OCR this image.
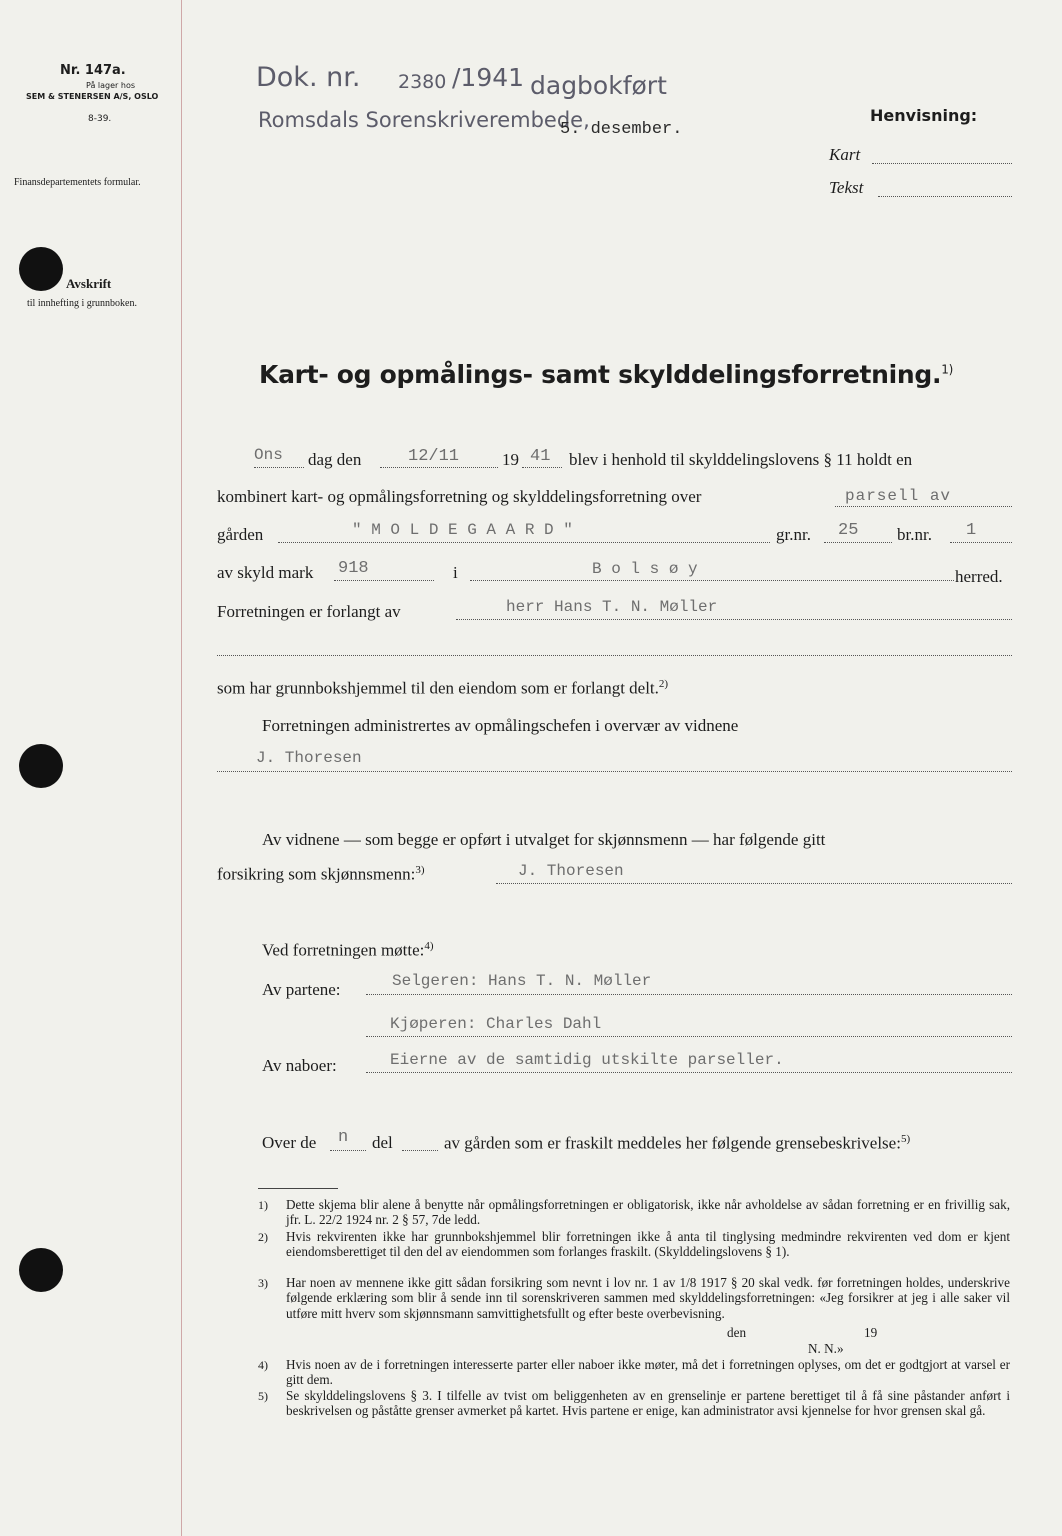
Nr. 147a.
På lager hos
SEM & STENERSEN A/S, OSLO
8-39.
Finansdepartementets formular.
Avskrift
til innhefting i grunnboken.
Dok. nr. 2380 /1941 dagbokført
Romsdals Sorenskriverembede,
5. desember.
Henvisning:
Kart
Tekst
Kart- og opmålings- samt skylddelingsforretning.$^{1)}$
Ons dag den	12/11	19 41 blev i henhold til skylddelingslovens § 11 holdt en
kombinert kart- og opmålingsforretning og skylddelingsforretning over	parsell av
gården	" M O L D E G A A R D "	gr.nr. 25 br.nr. 1
av skyld mark 918	i	B o l s ø y	herred.
Forretningen er forlangt av	herr Hans T. N. Møller
som har grunnbokshjemmel til den eiendom som er forlangt delt.$^{2)}$
Forretningen administrertes av opmålingschefen i overvær av vidnene
J. Thoresen
Av vidnene — som begge er opført i utvalget for skjønnsmenn — har følgende gitt
forsikring som skjønnsmenn:$^{3)}$	J. Thoresen
Ved forretningen møtte:$^{4)}$
Av partene:	Selgeren: Hans T. N. Møller
Kjøperen: Charles Dahl
Av naboer:	Eierne av de samtidig utskilte parseller.
Over de n del	av gården som er fraskilt meddeles her følgende grensebeskrivelse:$^{5)}$
1) Dette skjema blir alene å benytte når opmålingsforretningen er obligatorisk, ikke når avholdelse av sådan forretning er en frivillig sak, jfr. L. 22/2 1924 nr. 2 § 57, 7de ledd.
2) Hvis rekvirenten ikke har grunnbokshjemmel blir forretningen ikke å anta til tinglysing medmindre rekvirenten ved dom er kjent eiendomsberettiget til den del av eiendommen som forlanges fraskilt. (Skylddelingslovens § 1).
3) Har noen av mennene ikke gitt sådan forsikring som nevnt i lov nr. 1 av 1/8 1917 § 20 skal vedk. før forretningen holdes, underskrive følgende erklæring som blir å sende inn til sorenskriveren sammen med skylddelingsforretningen: «Jeg forsikrer at jeg i alle saker vil utføre mitt hverv som skjønnsmann samvittighetsfullt og efter beste overbevisning.
den	19
N. N.»
4) Hvis noen av de i forretningen interesserte parter eller naboer ikke møter, må det i forretningen oplyses, om det er godtgjort at varsel er gitt dem.
5) Se skylddelingslovens § 3. I tilfelle av tvist om beliggenheten av en grenselinje er partene berettiget til å få sine påstander anført i beskrivelsen og påståtte grenser avmerket på kartet. Hvis partene er enige, kan administrator avsi kjennelse for hvor grensen skal gå.
